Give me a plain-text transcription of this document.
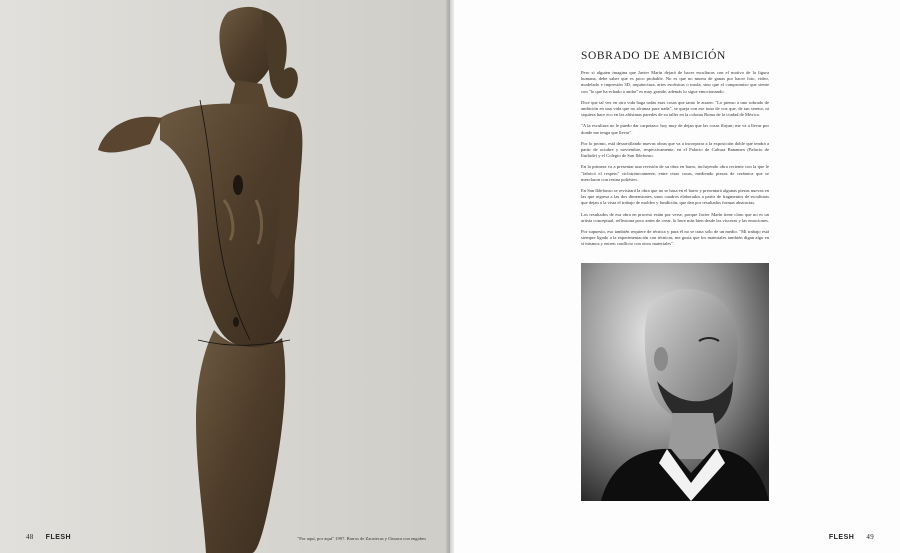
48 FLESH	"Por aquí, por aquí" 1997. Barros de Zacatecas y Oaxaca con engobes
SOBRADO DE AMBICIÓN

Pero si alguien imagina que Javier Marín dejará de hacer esculturas con el motivo de la figura humana, debe saber que es poco probable. No es que no muera de ganas por hacer foto, video, modelado e impresión 3D, arquitectura, artes escénicas o moda, sino que el compromiso que siente con "lo que ha echado a andar" es muy grande, además lo sigue emocionando.

Dice que tal vez en otra vida haga todas esas cosas que tanto le atraen: "Lo pienso a uno sobrado de ambición en una vida que no alcanza para nada", se queja con ese tono de voz que, de tan sereno, ni siquiera hace eco en las altísimas paredes de su taller en la colonia Roma de la ciudad de México.

"A la escultura no le puedo dar carpetazo: hoy muy de dejan que las cosas fluyan; me va a llevar por donde me tenga que llevar".

Por lo pronto, está desarrollando nuevas obras que va a incorporar a la exposición doble que tendrá a partir de octubre y noviembre, respectivamente, en el Palacio de Cultura Banamex (Palacio de Iturbide) y el Colegio de San Ildefonso.

En la primera va a presentar una revisión de su obra en barro, incluyendo obra reciente con la que le "fabricó el respeto" ciclotrónicamente, entre otras cosas, mediendo piezas de cerámica que se mezclaron con resina poliéster.

En San Ildefonso se revisitará la obra que no se basa en el barro y presentará algunas piezas nuevas en las que regresa a las dos dimensiones, unos cuadros elaborados a partir de fragmentos de esculturas que dejan a la vista el trabajo de moldeo y fundición, que dan por resultados formas abstractas.

Los resultados de esa obra en proceso están por verse, porque Javier Marín tiene claro que no es un artista conceptual, reflexiona poco antes de crear, lo hace más bien desde las vísceras y las emociones.

Por supuesto, eso también requiere de técnica y para él no se trata sólo de un medio. "Mi trabajo está siempre ligado a la experimentación con técnicas, me gusta que los materiales también digan algo en sí mismos y entren conflicto con otros materiales".

FLESH 49
